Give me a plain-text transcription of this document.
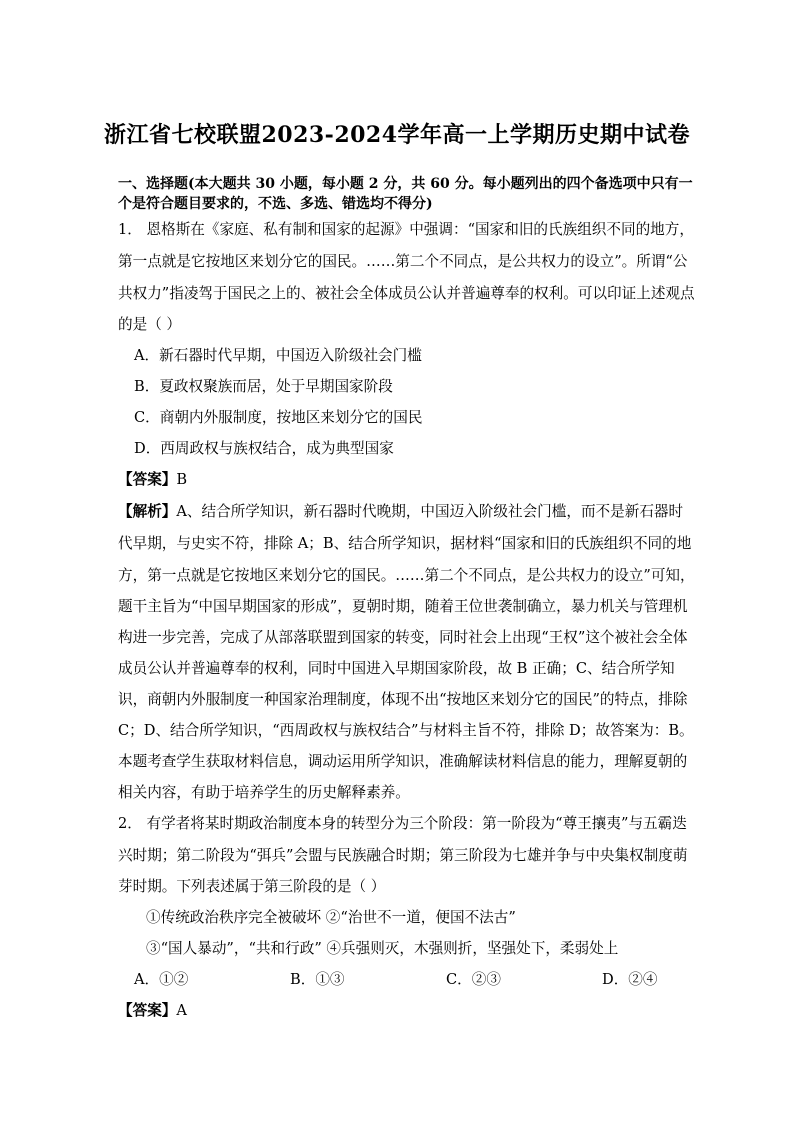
浙江省七校联盟2023-2024学年高一上学期历史期中试卷
一、选择题(本大题共 30 小题，每小题 2 分，共 60 分。每小题列出的四个备选项中只有一
个是符合题目要求的，不选、多选、错选均不得分)
1． 恩格斯在《家庭、私有制和国家的起源》中强调：“国家和旧的氏族组织不同的地方，
第一点就是它按地区来划分它的国民。……第二个不同点，是公共权力的设立”。所谓“公
共权力”指凌驾于国民之上的、被社会全体成员公认并普遍尊奉的权利。可以印证上述观点
的是（ ）
A．新石器时代早期，中国迈入阶级社会门槛
B．夏政权聚族而居，处于早期国家阶段
C．商朝内外服制度，按地区来划分它的国民
D．西周政权与族权结合，成为典型国家
【答案】B
【解析】A、结合所学知识，新石器时代晚期，中国迈入阶级社会门槛，而不是新石器时
代早期，与史实不符，排除 A；B、结合所学知识，据材料“国家和旧的氏族组织不同的地
方，第一点就是它按地区来划分它的国民。……第二个不同点，是公共权力的设立”可知，
题干主旨为“中国早期国家的形成”，夏朝时期，随着王位世袭制确立，暴力机关与管理机
构进一步完善，完成了从部落联盟到国家的转变，同时社会上出现“王权”这个被社会全体
成员公认并普遍尊奉的权利，同时中国进入早期国家阶段，故 B 正确；C、结合所学知
识，商朝内外服制度一种国家治理制度，体现不出“按地区来划分它的国民”的特点，排除
C；D、结合所学知识，“西周政权与族权结合”与材料主旨不符，排除 D；故答案为：B。
本题考查学生获取材料信息，调动运用所学知识，准确解读材料信息的能力，理解夏朝的
相关内容，有助于培养学生的历史解释素养。
2． 有学者将某时期政治制度本身的转型分为三个阶段：第一阶段为“尊王攘夷”与五霸迭
兴时期；第二阶段为“弭兵”会盟与民族融合时期；第三阶段为七雄并争与中央集权制度萌
芽时期。下列表述属于第三阶段的是（ ）
①传统政治秩序完全被破坏 ②“治世不一道，便国不法古”
③“国人暴动”，“共和行政” ④兵强则灭，木强则折，坚强处下，柔弱处上
A．①②	B．①③	C．②③	D．②④
【答案】A
